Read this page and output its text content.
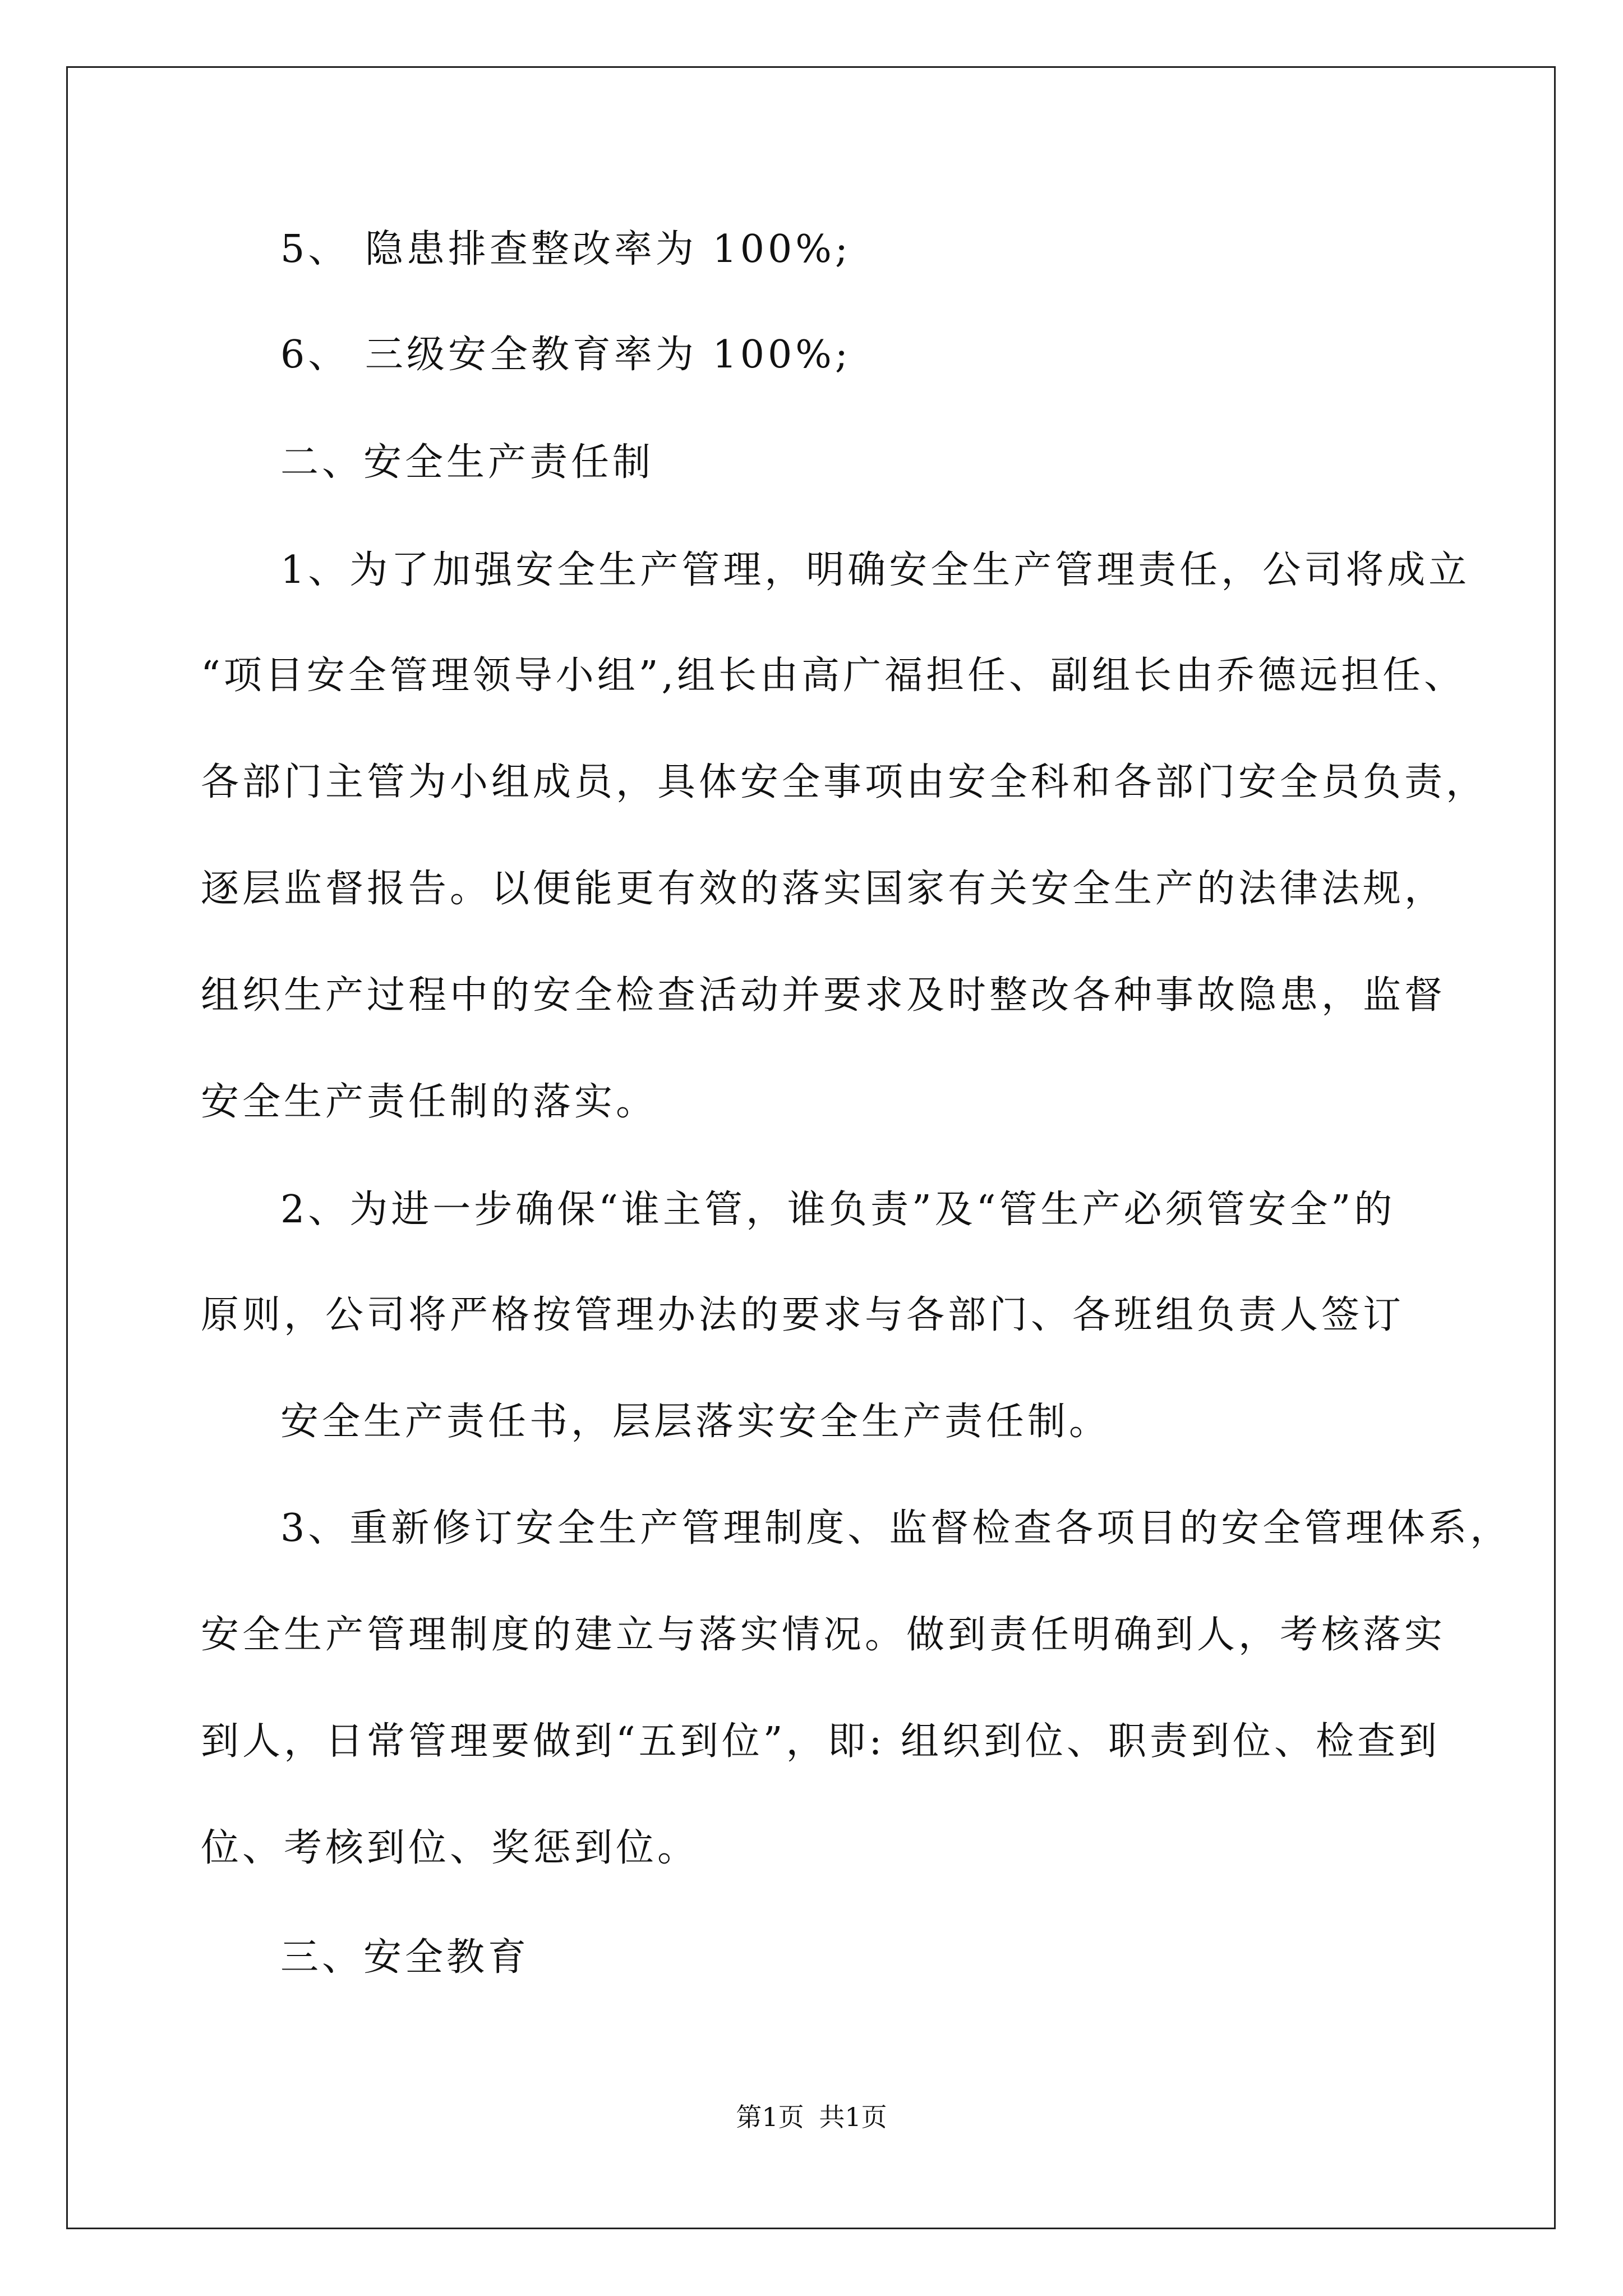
5、 隐患排查整改率为 100%;
6、 三级安全教育率为 100%;
二、安全生产责任制
1、为了加强安全生产管理，明确安全生产管理责任，公司将成立
“项目安全管理领导小组”,组长由高广福担任、副组长由乔德远担任、
各部门主管为小组成员，具体安全事项由安全科和各部门安全员负责，
逐层监督报告。以便能更有效的落实国家有关安全生产的法律法规，
组织生产过程中的安全检查活动并要求及时整改各种事故隐患，监督
安全生产责任制的落实。
2、为进一步确保“谁主管，谁负责”及“管生产必须管安全”的
原则，公司将严格按管理办法的要求与各部门、各班组负责人签订
安全生产责任书，层层落实安全生产责任制。
3、重新修订安全生产管理制度、监督检查各项目的安全管理体系，
安全生产管理制度的建立与落实情况。做到责任明确到人，考核落实
到人，日常管理要做到“五到位”，即: 组织到位、职责到位、检查到
位、考核到位、奖惩到位。
三、安全教育
第1页 共1页
